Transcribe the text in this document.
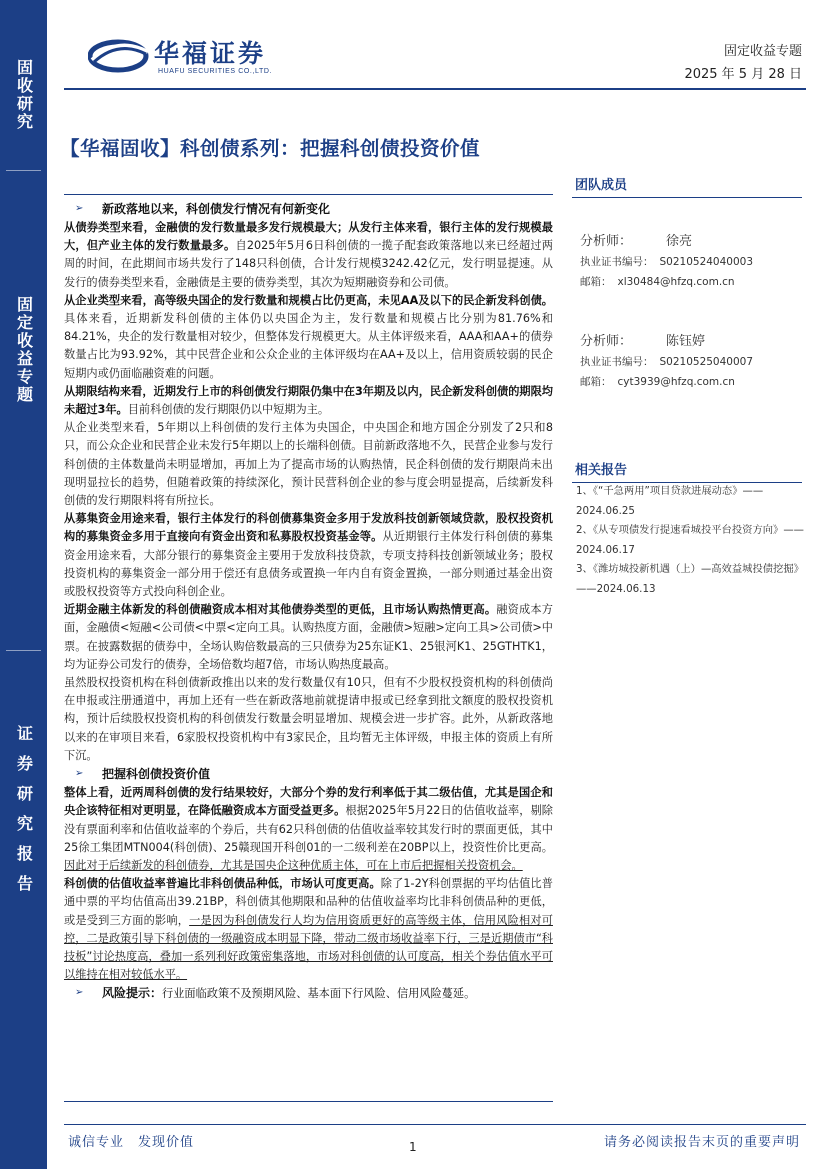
固收研究
固定收益专题
证券研究报告
华福证券
HUAFU SECURITIES CO.,LTD.
固定收益专题
2025 年 5 月 28 日
【华福固收】科创债系列：把握科创债投资价值
➢ 新政落地以来，科创债发行情况有何新变化

从债券类型来看，金融债的发行数量最多发行规模最大；从发行主体来看，银行主体的发行规模最大，但产业主体的发行数量最多。自2025年5月6日科创债的一揽子配套政策落地以来已经超过两周的时间，在此期间市场共发行了148只科创债，合计发行规模3242.42亿元，发行明显提速。从发行的债券类型来看，金融债是主要的债券类型，其次为短期融资券和公司债。

从企业类型来看，高等级央国企的发行数量和规模占比仍更高，未见AA及以下的民企新发科创债。具体来看，近期新发科创债的主体仍以央国企为主，发行数量和规模占比分别为81.76%和84.21%，央企的发行数量相对较少，但整体发行规模更大。从主体评级来看，AAA和AA+的债券数量占比为93.92%，其中民营企业和公众企业的主体评级均在AA+及以上，信用资质较弱的民企短期内或仍面临融资难的问题。

从期限结构来看，近期发行上市的科创债发行期限仍集中在3年期及以内，民企新发科创债的期限均未超过3年。目前科创债的发行期限仍以中短期为主。

从企业类型来看，5年期以上科创债的发行主体为央国企，中央国企和地方国企分别发了2只和8只，而公众企业和民营企业未发行5年期以上的长端科创债。目前新政落地不久，民营企业参与发行科创债的主体数量尚未明显增加，再加上为了提高市场的认购热情，民企科创债的发行期限尚未出现明显拉长的趋势，但随着政策的持续深化，预计民营科创企业的参与度会明显提高，后续新发科创债的发行期限料将有所拉长。

从募集资金用途来看，银行主体发行的科创债募集资金多用于发放科技创新领域贷款，股权投资机构的募集资金多用于直接向有资金出资和私募股权投资基金等。从近期银行主体发行科创债的募集资金用途来看，大部分银行的募集资金主要用于发放科技贷款，专项支持科技创新领域业务；股权投资机构的募集资金一部分用于偿还有息债务或置换一年内自有资金置换，一部分则通过基金出资或股权投资等方式投向科创企业。

近期金融主体新发的科创债融资成本相对其他债券类型的更低，且市场认购热情更高。融资成本方面，金融债<短融<公司债<中票<定向工具。认购热度方面，金融债>短融>定向工具>公司债>中票。在披露数据的债券中，全场认购倍数最高的三只债券为25东证K1、25银河K1、25GTHTK1，均为证券公司发行的债券，全场倍数均超7倍，市场认购热度最高。

虽然股权投资机构在科创债新政推出以来的发行数量仅有10只，但有不少股权投资机构的科创债尚在申报或注册通道中，再加上还有一些在新政落地前就提请申报或已经拿到批文额度的股权投资机构，预计后续股权投资机构的科创债发行数量会明显增加、规模会进一步扩容。此外，从新政落地以来的在审项目来看，6家股权投资机构中有3家民企，且均暂无主体评级，申报主体的资质上有所下沉。

➢ 把握科创债投资价值

整体上看，近两周科创债的发行结果较好，大部分个券的发行利率低于其二级估值，尤其是国企和央企该特征相对更明显，在降低融资成本方面受益更多。根据2025年5月22日的估值收益率，剔除没有票面利率和估值收益率的个券后，共有62只科创债的估值收益率较其发行时的票面更低，其中25徐工集团MTN004(科创债)、25赣现国开科创01的一二级利差在20BP以上，投资性价比更高。因此对于后续新发的科创债券，尤其是国央企这种优质主体，可在上市后把握相关投资机会。

科创债的估值收益率普遍比非科创债品种低，市场认可度更高。除了1-2Y科创票据的平均估值比普通中票的平均估值高出39.21BP，科创债其他期限和品种的估值收益率均比非科创债品种的更低，或是受到三方面的影响，一是因为科创债发行人均为信用资质更好的高等级主体，信用风险相对可控，二是政策引导下科创债的一级融资成本明显下降，带动二级市场收益率下行，三是近期债市“科技板”讨论热度高，叠加一系列利好政策密集落地，市场对科创债的认可度高，相关个券估值水平可以维持在相对较低水平。

➢ 风险提示：行业面临政策不及预期风险、基本面下行风险、信用风险蔓延。
团队成员
分析师：	徐亮
执业证书编号： S0210524040003
邮箱： xl30484@hfzq.com.cn
分析师：	陈钰婷
执业证书编号： S0210525040007
邮箱： cyt3939@hfzq.com.cn
相关报告
1、《“千急两用”项目贷款进展动态》——2024.06.25
2、《从专项债发行提速看城投平台投资方向》——2024.06.17
3、《潍坊城投新机遇（上）—高效益城投债挖掘》——2024.06.13
诚信专业　发现价值	1	请务必阅读报告末页的重要声明
